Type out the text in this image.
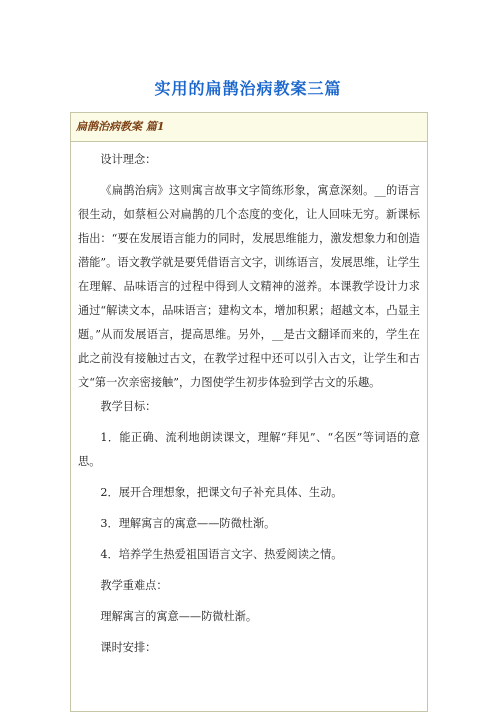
实用的扁鹊治病教案三篇
扁鹊治病教案 篇1

设计理念：

《扁鹊治病》这则寓言故事文字简练形象，寓意深刻。__的语言很生动，如蔡桓公对扁鹊的几个态度的变化，让人回味无穷。新课标指出：“要在发展语言能力的同时，发展思维能力，激发想象力和创造潜能”。语文教学就是要凭借语言文字，训练语言，发展思维，让学生在理解、品味语言的过程中得到人文精神的滋养。本课教学设计力求通过“解读文本，品味语言；建构文本，增加积累；超越文本，凸显主题。”从而发展语言，提高思维。另外，__是古文翻译而来的，学生在此之前没有接触过古文，在教学过程中还可以引入古文，让学生和古文“第一次亲密接触”，力图使学生初步体验到学古文的乐趣。

教学目标：

1．能正确、流利地朗读课文，理解“拜见”、“名医”等词语的意思。

2．展开合理想象，把课文句子补充具体、生动。

3．理解寓言的寓意——防微杜渐。

4．培养学生热爱祖国语言文字、热爱阅读之情。

教学重难点：

理解寓言的寓意——防微杜渐。

课时安排：
